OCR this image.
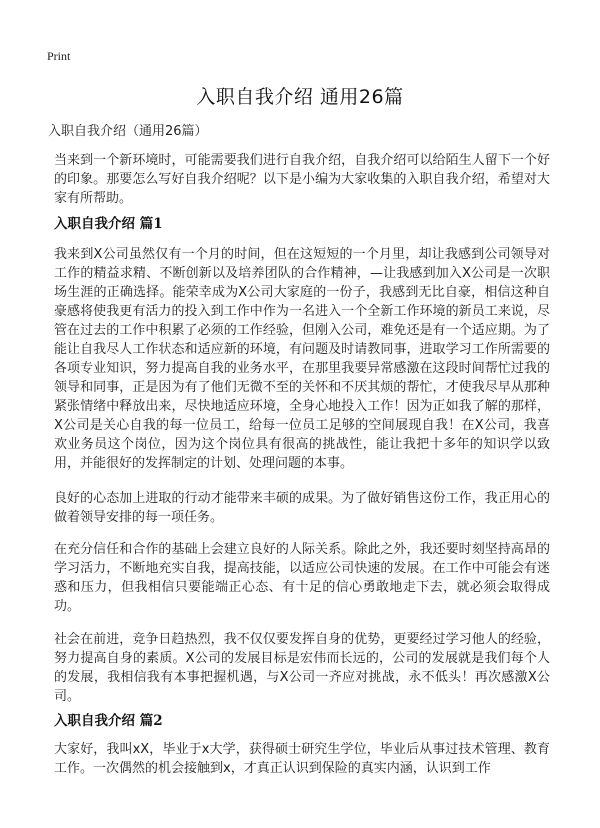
Print
入职自我介绍 通用26篇
入职自我介绍（通用26篇）

当来到一个新环境时，可能需要我们进行自我介绍，自我介绍可以给陌生人留下一个好的印象。那要怎么写好自我介绍呢？以下是小编为大家收集的入职自我介绍，希望对大家有所帮助。

入职自我介绍 篇1

我来到X公司虽然仅有一个月的时间，但在这短短的一个月里，却让我感到公司领导对工作的精益求精、不断创新以及培养团队的合作精神，—让我感到加入X公司是一次职场生涯的正确选择。能荣幸成为X公司大家庭的一份子，我感到无比自豪，相信这种自豪感将使我更有活力的投入到工作中作为一名进入一个全新工作环境的新员工来说，尽管在过去的工作中积累了必须的工作经验，但刚入公司，难免还是有一个适应期。为了能让自我尽人工作状态和适应新的环境，有问题及时请教同事，进取学习工作所需要的各项专业知识，努力提高自我的业务水平，在那里我要异常感激在这段时间帮忙过我的领导和同事，正是因为有了他们无微不至的关怀和不厌其烦的帮忙，才使我尽早从那种紧张情绪中释放出来，尽快地适应环境，全身心地投入工作！因为正如我了解的那样，X公司是关心自我的每一位员工，给每一位员工足够的空间展现自我！在X公司，我喜欢业务员这个岗位，因为这个岗位具有很高的挑战性，能让我把十多年的知识学以致用，并能很好的发挥制定的计划、处理问题的本事。

良好的心态加上进取的行动才能带来丰硕的成果。为了做好销售这份工作，我正用心的做着领导安排的每一项任务。

在充分信任和合作的基础上会建立良好的人际关系。除此之外，我还要时刻坚持高昂的学习活力，不断地充实自我，提高技能，以适应公司快速的发展。在工作中可能会有迷惑和压力，但我相信只要能端正心态、有十足的信心勇敢地走下去，就必须会取得成功。

社会在前进，竞争日趋热烈，我不仅仅要发挥自身的优势，更要经过学习他人的经验，努力提高自身的素质。X公司的发展目标是宏伟而长远的，公司的发展就是我们每个人的发展，我相信我有本事把握机遇，与X公司一齐应对挑战，永不低头！再次感激X公司。

入职自我介绍 篇2

大家好，我叫xX，毕业于x大学，获得硕士研究生学位，毕业后从事过技术管理、教育工作。一次偶然的机会接触到x，才真正认识到保险的真实内涵，认识到工作
